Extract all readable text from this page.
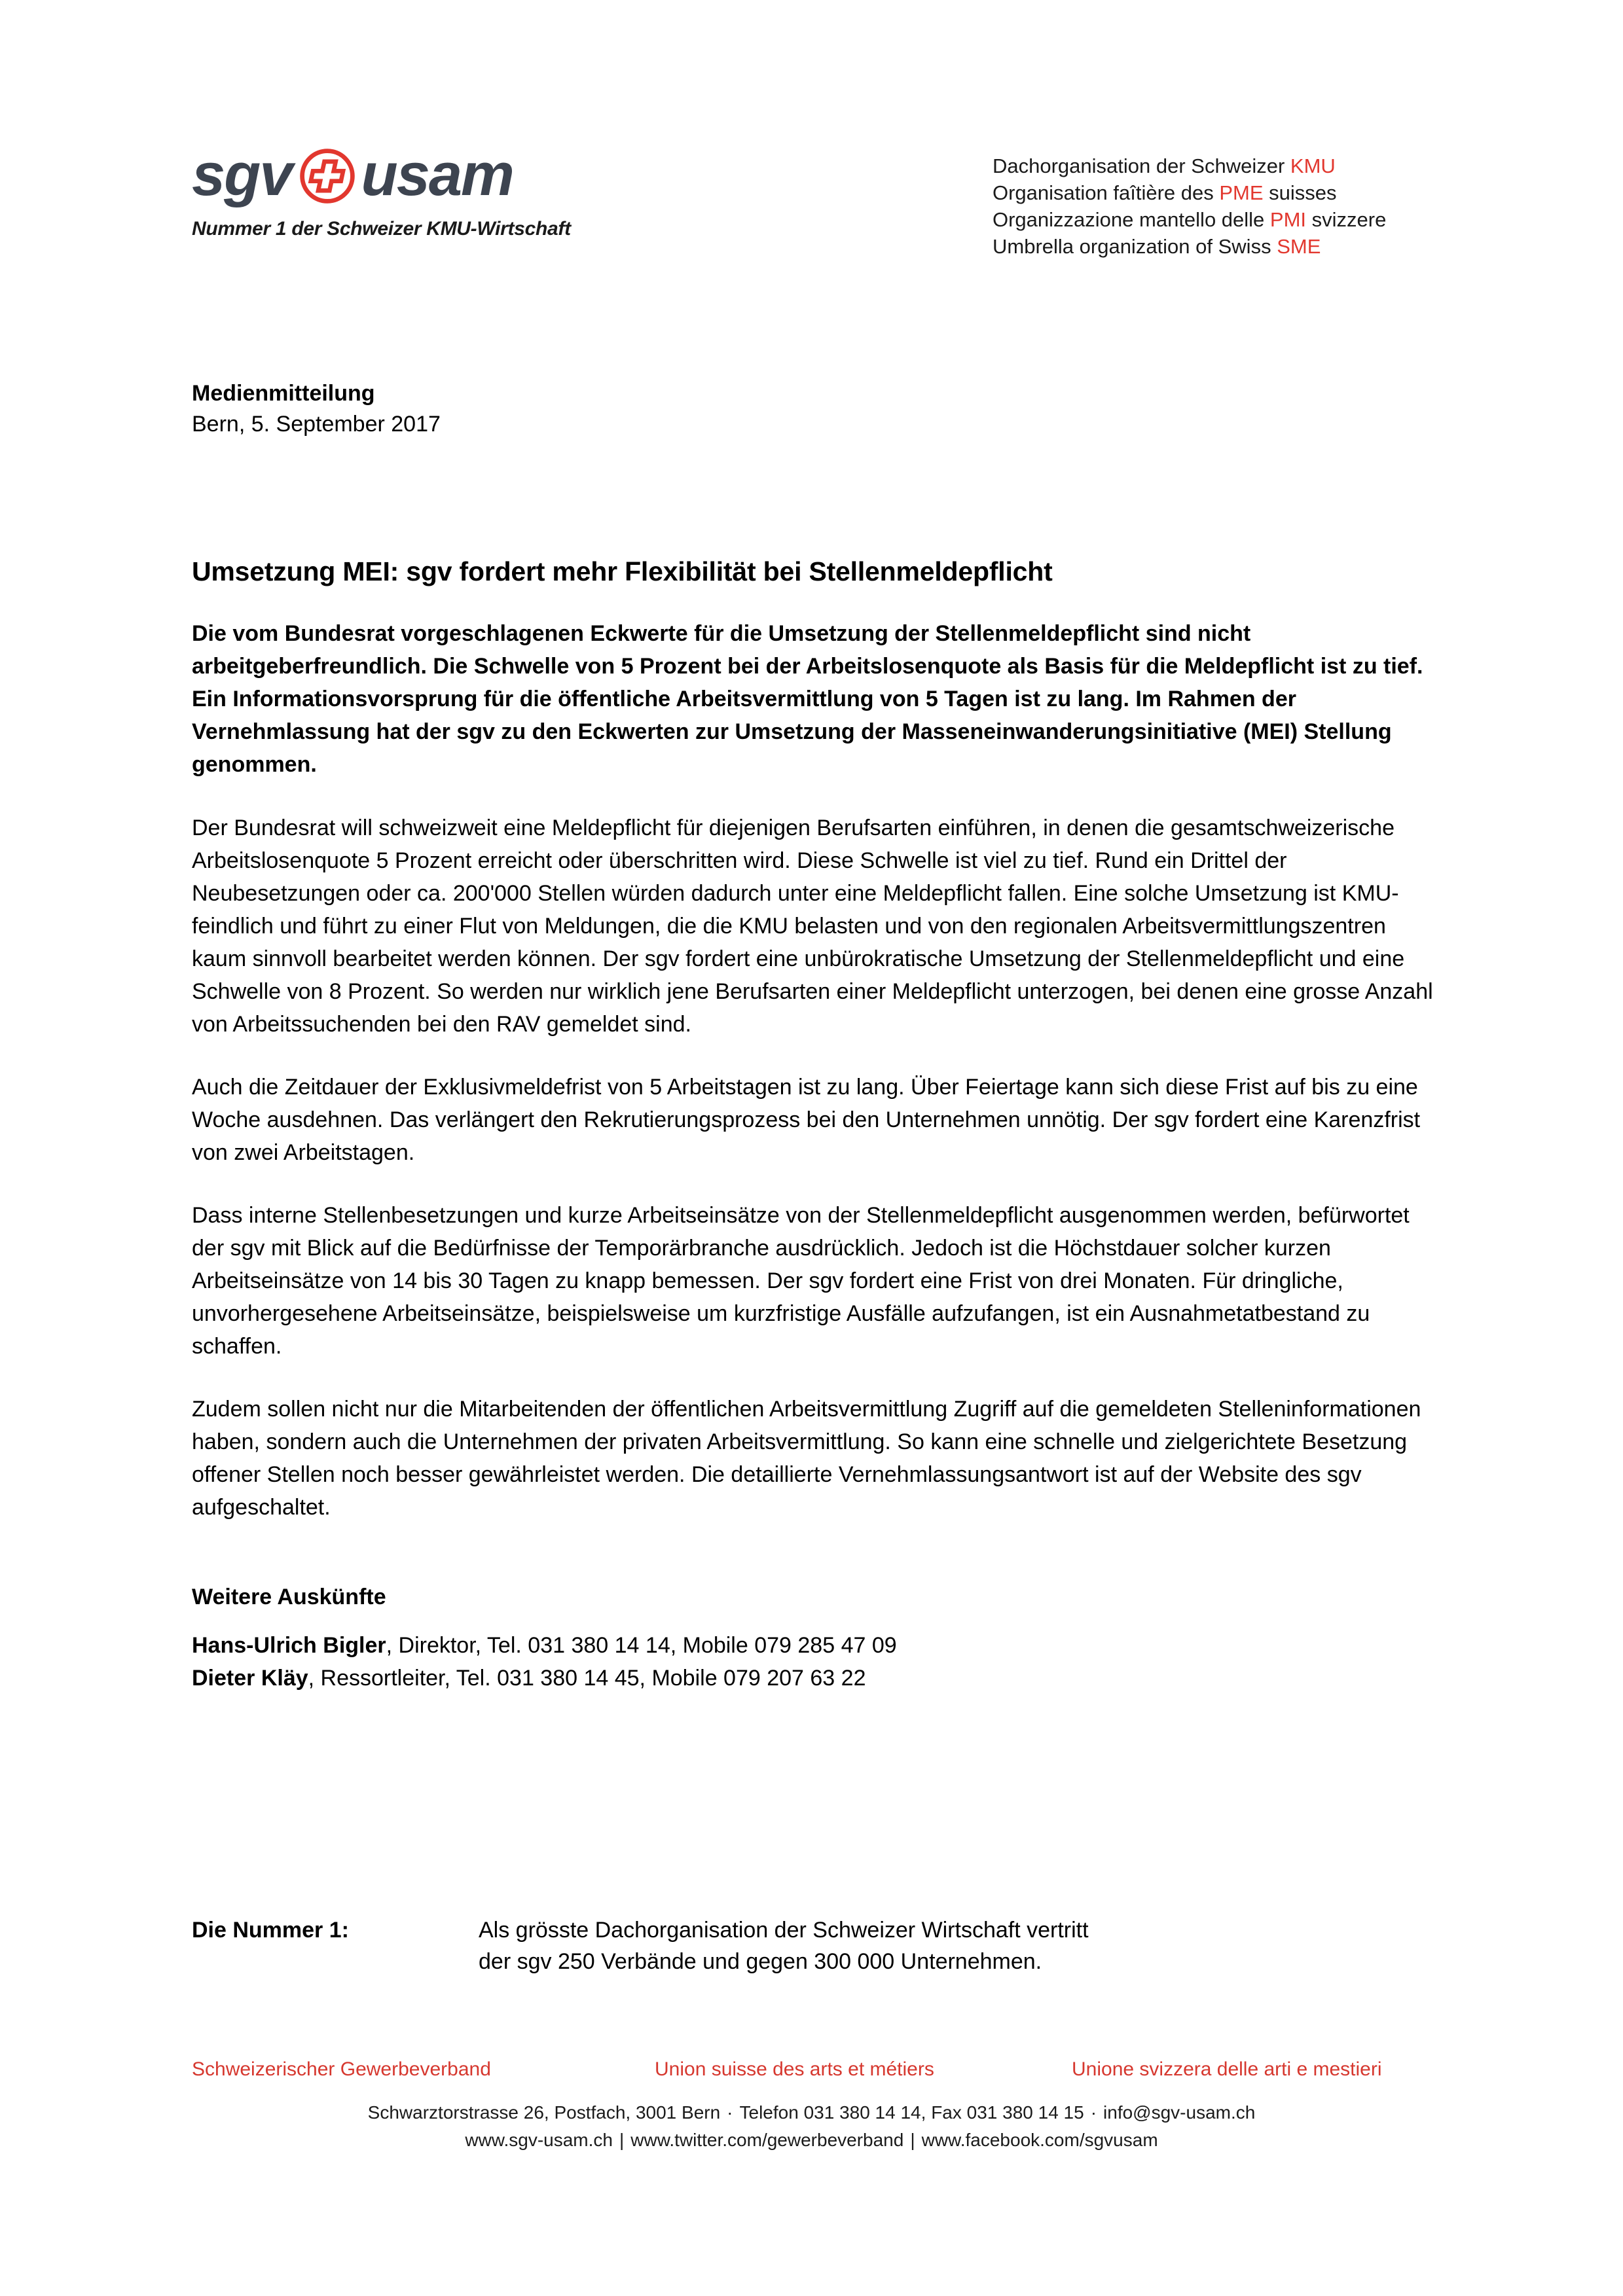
sgv usam
Nummer 1 der Schweizer KMU-Wirtschaft
Dachorganisation der Schweizer KMU
Organisation faîtière des PME suisses
Organizzazione mantello delle PMI svizzere
Umbrella organization of Swiss SME
Medienmitteilung
Bern, 5. September 2017
Umsetzung MEI: sgv fordert mehr Flexibilität bei Stellenmeldepflicht
Die vom Bundesrat vorgeschlagenen Eckwerte für die Umsetzung der Stellenmeldepflicht sind nicht arbeitgeberfreundlich. Die Schwelle von 5 Prozent bei der Arbeitslosenquote als Basis für die Meldepflicht ist zu tief. Ein Informationsvorsprung für die öffentliche Arbeitsvermittlung von 5 Tagen ist zu lang. Im Rahmen der Vernehmlassung hat der sgv zu den Eckwerten zur Umsetzung der Masseneinwanderungsinitiative (MEI) Stellung genommen.

Der Bundesrat will schweizweit eine Meldepflicht für diejenigen Berufsarten einführen, in denen die gesamtschweizerische Arbeitslosenquote 5 Prozent erreicht oder überschritten wird. Diese Schwelle ist viel zu tief. Rund ein Drittel der Neubesetzungen oder ca. 200'000 Stellen würden dadurch unter eine Meldepflicht fallen. Eine solche Umsetzung ist KMU-feindlich und führt zu einer Flut von Meldungen, die die KMU belasten und von den regionalen Arbeitsvermittlungszentren kaum sinnvoll bearbeitet werden können. Der sgv fordert eine unbürokratische Umsetzung der Stellenmeldepflicht und eine Schwelle von 8 Prozent. So werden nur wirklich jene Berufsarten einer Meldepflicht unterzogen, bei denen eine grosse Anzahl von Arbeitssuchenden bei den RAV gemeldet sind.

Auch die Zeitdauer der Exklusivmeldefrist von 5 Arbeitstagen ist zu lang. Über Feiertage kann sich diese Frist auf bis zu eine Woche ausdehnen. Das verlängert den Rekrutierungsprozess bei den Unternehmen unnötig. Der sgv fordert eine Karenzfrist von zwei Arbeitstagen.

Dass interne Stellenbesetzungen und kurze Arbeitseinsätze von der Stellenmeldepflicht ausgenommen werden, befürwortet der sgv mit Blick auf die Bedürfnisse der Temporärbranche ausdrücklich. Jedoch ist die Höchstdauer solcher kurzen Arbeitseinsätze von 14 bis 30 Tagen zu knapp bemessen. Der sgv fordert eine Frist von drei Monaten. Für dringliche, unvorhergesehene Arbeitseinsätze, beispielsweise um kurzfristige Ausfälle aufzufangen, ist ein Ausnahmetatbestand zu schaffen.

Zudem sollen nicht nur die Mitarbeitenden der öffentlichen Arbeitsvermittlung Zugriff auf die gemeldeten Stelleninformationen haben, sondern auch die Unternehmen der privaten Arbeitsvermittlung. So kann eine schnelle und zielgerichtete Besetzung offener Stellen noch besser gewährleistet werden. Die detaillierte Vernehmlassungsantwort ist auf der Website des sgv aufgeschaltet.

Weitere Auskünfte
Hans-Ulrich Bigler, Direktor, Tel. 031 380 14 14, Mobile 079 285 47 09
Dieter Kläy, Ressortleiter, Tel. 031 380 14 45, Mobile 079 207 63 22
Die Nummer 1:	Als grösste Dachorganisation der Schweizer Wirtschaft vertritt
der sgv 250 Verbände und gegen 300 000 Unternehmen.
Schweizerischer Gewerbeverband	Union suisse des arts et métiers	Unione svizzera delle arti e mestieri
Schwarztorstrasse 26, Postfach, 3001 Bern · Telefon 031 380 14 14, Fax 031 380 14 15 · info@sgv-usam.ch
www.sgv-usam.ch | www.twitter.com/gewerbeverband | www.facebook.com/sgvusam
